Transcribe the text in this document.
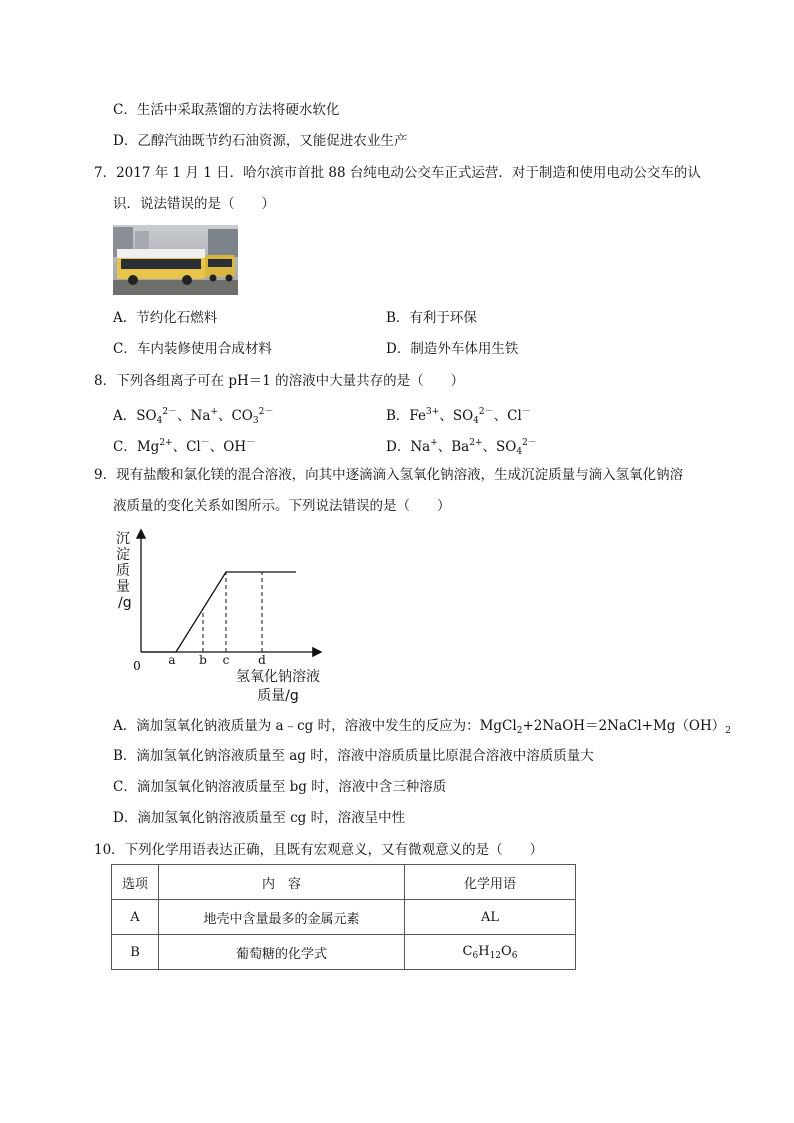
C．生活中采取蒸馏的方法将硬水软化
D．乙醇汽油既节约石油资源，又能促进农业生产
7．2017 年 1 月 1 日．哈尔滨市首批 88 台纯电动公交车正式运营．对于制造和使用电动公交车的认
识．说法错误的是（　　）
A．节约化石燃料	B．有利于环保
C．车内装修使用合成材料	D．制造外车体用生铁
8．下列各组离子可在 pH＝1 的溶液中大量共存的是（　　）
A．$SO_4^{2-}$、Na+、$CO_3^{2-}$	B．$Fe^{3+}$、$SO_4^{2-}$、Cl－
C．$Mg^{2+}$、Cl－、OH－	D．Na+、$Ba^{2+}$、$SO_4^{2-}$
9．现有盐酸和氯化镁的混合溶液，向其中逐滴滴入氢氧化钠溶液，生成沉淀质量与滴入氢氧化钠溶
液质量的变化关系如图所示。下列说法错误的是（　　）
沉
淀
质
量
/g
氢氧化钠溶液
质量/g
0 a b c d
A．滴加氢氧化钠液质量为 a﹣cg 时，溶液中发生的反应为：$MgCl_2+2NaOH=2NaCl+Mg(OH)_2$
B．滴加氢氧化钠溶液质量至 ag 时，溶液中溶质质量比原混合溶液中溶质质量大
C．滴加氢氧化钠溶液质量至 bg 时，溶液中含三种溶质
D．滴加氢氧化钠溶液质量至 cg 时，溶液呈中性
10．下列化学用语表达正确，且既有宏观意义，又有微观意义的是（　　）
选项	内　容	化学用语
A	地壳中含量最多的金属元素	AL
B	葡萄糖的化学式	$C_6H_{12}O_6$
